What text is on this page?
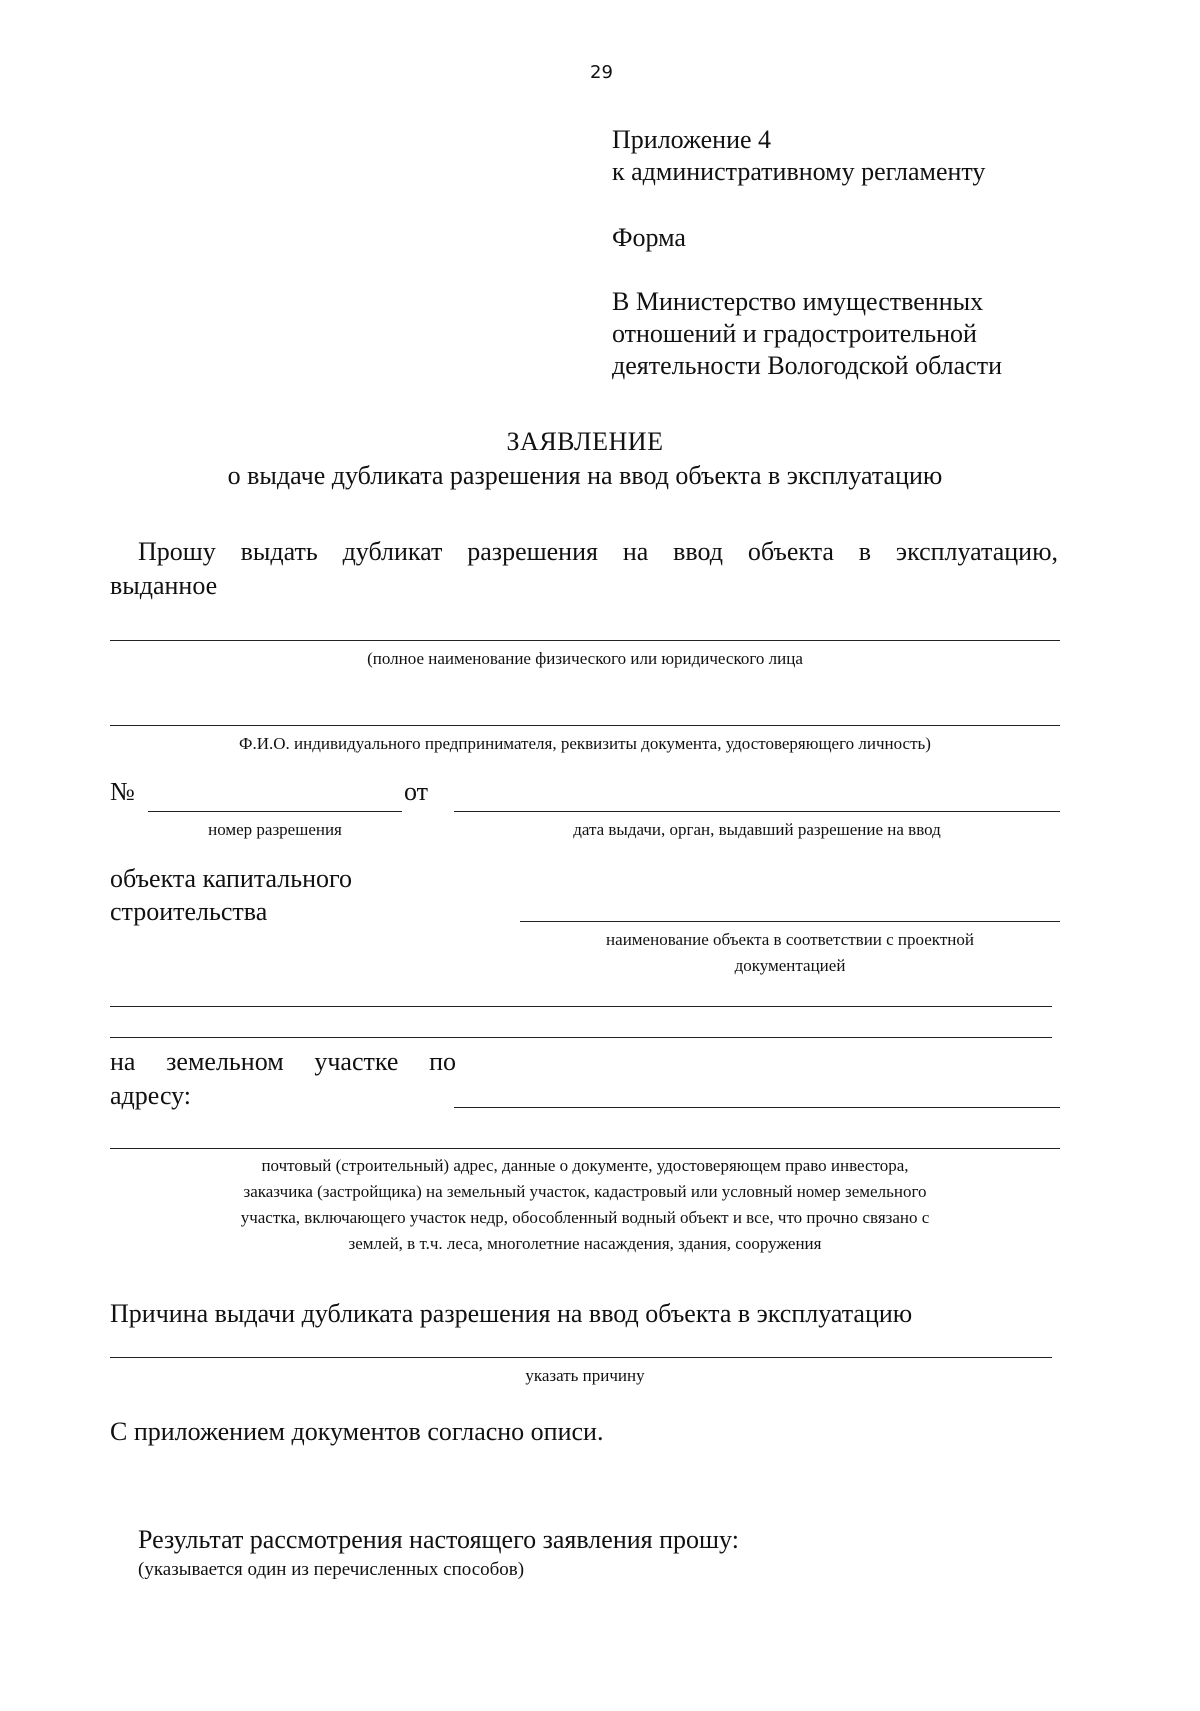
29
Приложение 4
к административному регламенту
Форма
В Министерство имущественных
отношений и градостроительной
деятельности Вологодской области
ЗАЯВЛЕНИЕ
о выдаче дубликата разрешения на ввод объекта в эксплуатацию
Прошу выдать дубликат разрешения на ввод объекта в эксплуатацию,
выданное
(полное наименование физического или юридического лица
Ф.И.О. индивидуального предпринимателя, реквизиты документа, удостоверяющего личность)
№	от
номер разрешения	дата выдачи, орган, выдавший разрешение на ввод
объекта капитального
строительства
наименование объекта в соответствии с проектной
документацией
на земельном участке по
адресу:
почтовый (строительный) адрес, данные о документе, удостоверяющем право инвестора,
заказчика (застройщика) на земельный участок, кадастровый или условный номер земельного
участка, включающего участок недр, обособленный водный объект и все, что прочно связано с
землей, в т.ч. леса, многолетние насаждения, здания, сооружения
Причина выдачи дубликата разрешения на ввод объекта в эксплуатацию
указать причину
С приложением документов согласно описи.
Результат рассмотрения настоящего заявления прошу:
(указывается один из перечисленных способов)
